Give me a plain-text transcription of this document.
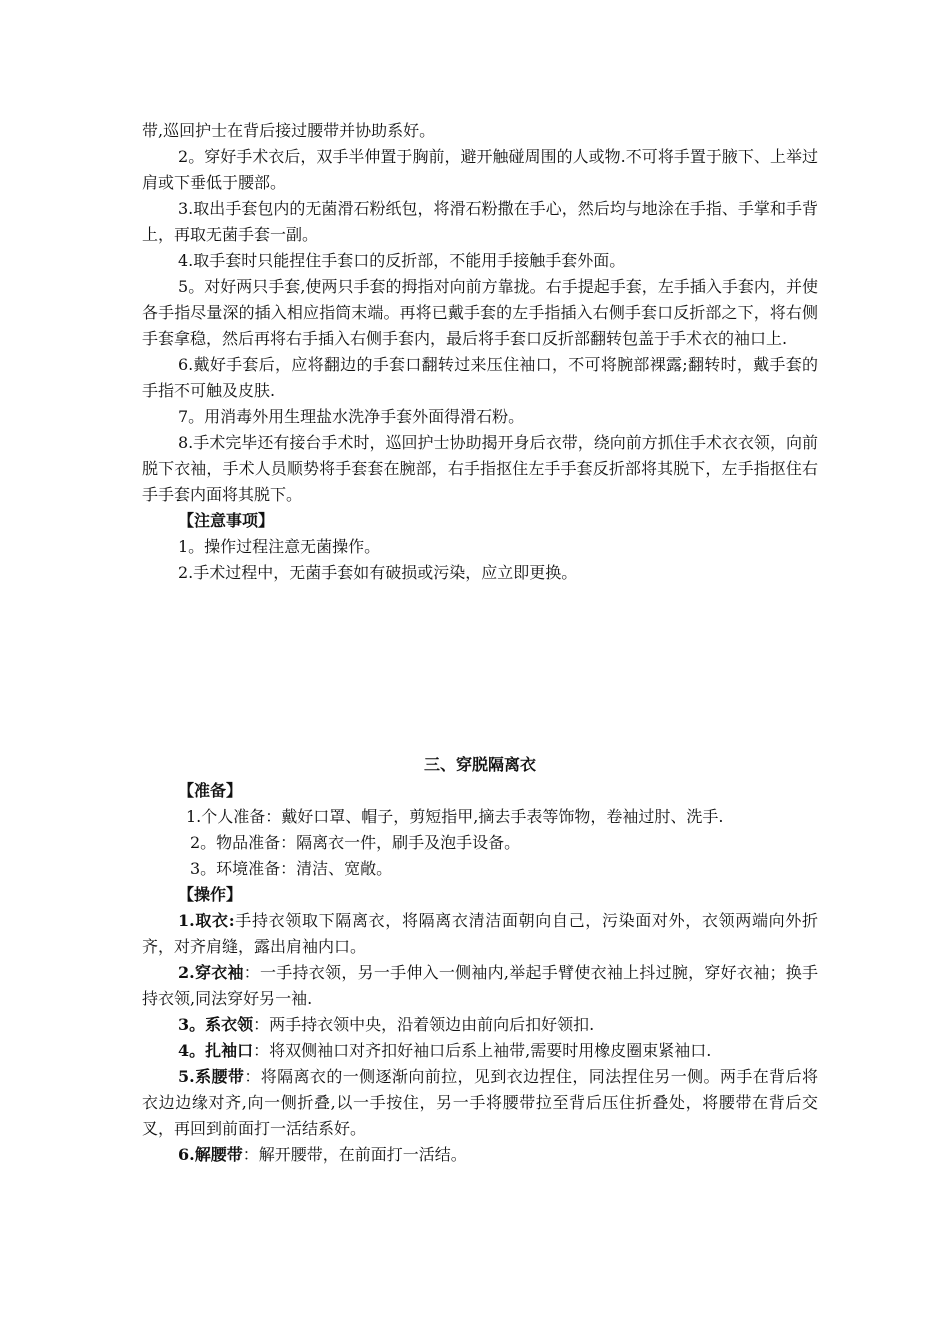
带,巡回护士在背后接过腰带并协助系好。

2。穿好手术衣后，双手半伸置于胸前，避开触碰周围的人或物.不可将手置于腋下、上举过肩或下垂低于腰部。

3.取出手套包内的无菌滑石粉纸包，将滑石粉撒在手心，然后均与地涂在手指、手掌和手背上，再取无菌手套一副。

4.取手套时只能捏住手套口的反折部，不能用手接触手套外面。

5。对好两只手套,使两只手套的拇指对向前方靠拢。右手提起手套，左手插入手套内，并使各手指尽量深的插入相应指筒末端。再将已戴手套的左手指插入右侧手套口反折部之下，将右侧手套拿稳，然后再将右手插入右侧手套内，最后将手套口反折部翻转包盖于手术衣的袖口上.

6.戴好手套后，应将翻边的手套口翻转过来压住袖口，不可将腕部裸露;翻转时，戴手套的手指不可触及皮肤.

7。用消毒外用生理盐水洗净手套外面得滑石粉。

8.手术完毕还有接台手术时，巡回护士协助揭开身后衣带，绕向前方抓住手术衣衣领，向前脱下衣袖，手术人员顺势将手套套在腕部，右手指抠住左手手套反折部将其脱下，左手指抠住右手手套内面将其脱下。

【注意事项】

1。操作过程注意无菌操作。

2.手术过程中，无菌手套如有破损或污染，应立即更换。

三、穿脱隔离衣

【准备】

1.个人准备：戴好口罩、帽子，剪短指甲,摘去手表等饰物，卷袖过肘、洗手.

2。物品准备：隔离衣一件，刷手及泡手设备。

3。环境准备：清洁、宽敞。

【操作】

1.取衣:手持衣领取下隔离衣，将隔离衣清洁面朝向自己，污染面对外，衣领两端向外折齐，对齐肩缝，露出肩袖内口。

2.穿衣袖：一手持衣领，另一手伸入一侧袖内,举起手臂使衣袖上抖过腕，穿好衣袖；换手持衣领,同法穿好另一袖.

3。系衣领：两手持衣领中央，沿着领边由前向后扣好领扣.

4。扎袖口：将双侧袖口对齐扣好袖口后系上袖带,需要时用橡皮圈束紧袖口.

5.系腰带：将隔离衣的一侧逐渐向前拉，见到衣边捏住，同法捏住另一侧。两手在背后将衣边边缘对齐,向一侧折叠,以一手按住，另一手将腰带拉至背后压住折叠处，将腰带在背后交叉，再回到前面打一活结系好。

6.解腰带：解开腰带，在前面打一活结。
